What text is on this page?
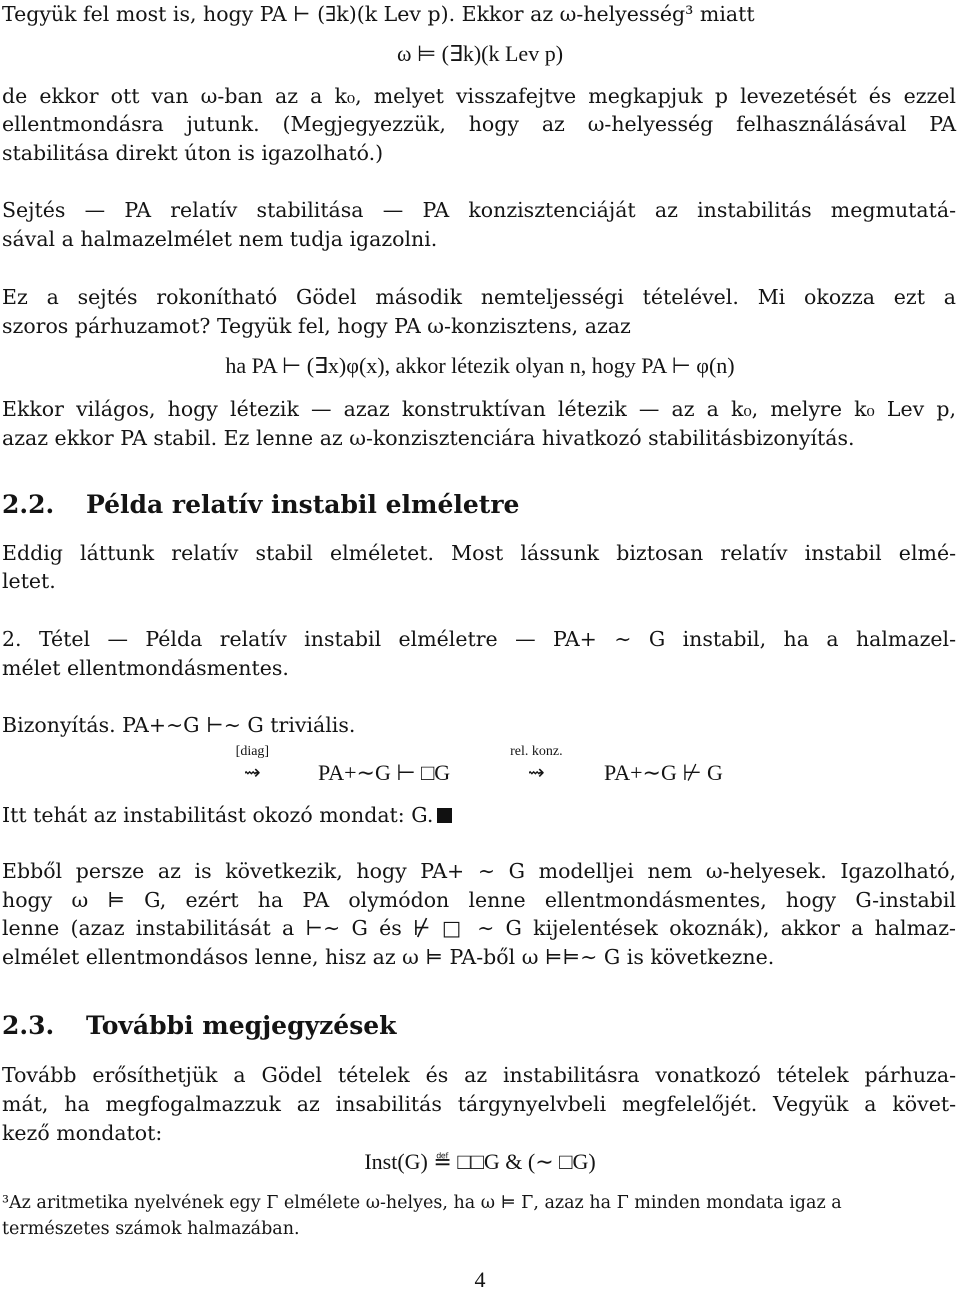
Tegyük fel most is, hogy PA ⊢ (∃k)(k Lev p). Ekkor az ω-helyesség³ miatt
ω ⊨ (∃k)(k Lev p)
de ekkor ott van ω-ban az a k₀, melyet visszafejtve megkapjuk p levezetését és ezzel
ellentmondásra jutunk. (Megjegyezzük, hogy az ω-helyesség felhasználásával PA
stabilitása direkt úton is igazolható.)
Sejtés — PA relatív stabilitása — PA konzisztenciáját az instabilitás megmutatá-
sával a halmazelmélet nem tudja igazolni.
Ez a sejtés rokonítható Gödel második nemteljességi tételével. Mi okozza ezt a
szoros párhuzamot? Tegyük fel, hogy PA ω-konzisztens, azaz
ha PA ⊢ (∃x)φ(x), akkor létezik olyan n, hogy PA ⊢ φ(n)
Ekkor világos, hogy létezik — azaz konstruktívan létezik — az a k₀, melyre k₀ Lev p,
azaz ekkor PA stabil. Ez lenne az ω-konzisztenciára hivatkozó stabilitásbizonyítás.
2.2. Példa relatív instabil elméletre
Eddig láttunk relatív stabil elméletet. Most lássunk biztosan relatív instabil elmé-
letet.
2. Tétel — Példa relatív instabil elméletre — PA+ ∼ G instabil, ha a halmazel-
mélet ellentmondásmentes.
Bizonyítás. PA+∼G ⊢∼ G triviális.
[diag]
⇝	PA+∼G ⊢ □G
rel. konz.
⇝	PA+∼G ⊬ G
Itt tehát az instabilitást okozó mondat: G.
Ebből persze az is következik, hogy PA+ ∼ G modelljei nem ω-helyesek. Igazolható,
hogy ω ⊨ G, ezért ha PA olymódon lenne ellentmondásmentes, hogy G-instabil
lenne (azaz instabilitását a ⊢∼ G és ⊬ □ ∼ G kijelentések okoznák), akkor a halmaz-
elmélet ellentmondásos lenne, hisz az ω ⊨ PA-ből ω ⊨⊨∼ G is következne.
2.3. További megjegyzések
Tovább erősíthetjük a Gödel tételek és az instabilitásra vonatkozó tételek párhuza-
mát, ha megfogalmazzuk az insabilitás tárgynyelvbeli megfelelőjét. Vegyük a követ-
kező mondatot:
Inst(G) ≝ □□G & (∼ □G)
³Az aritmetika nyelvének egy Γ elmélete ω-helyes, ha ω ⊨ Γ, azaz ha Γ minden mondata igaz a
természetes számok halmazában.
4
